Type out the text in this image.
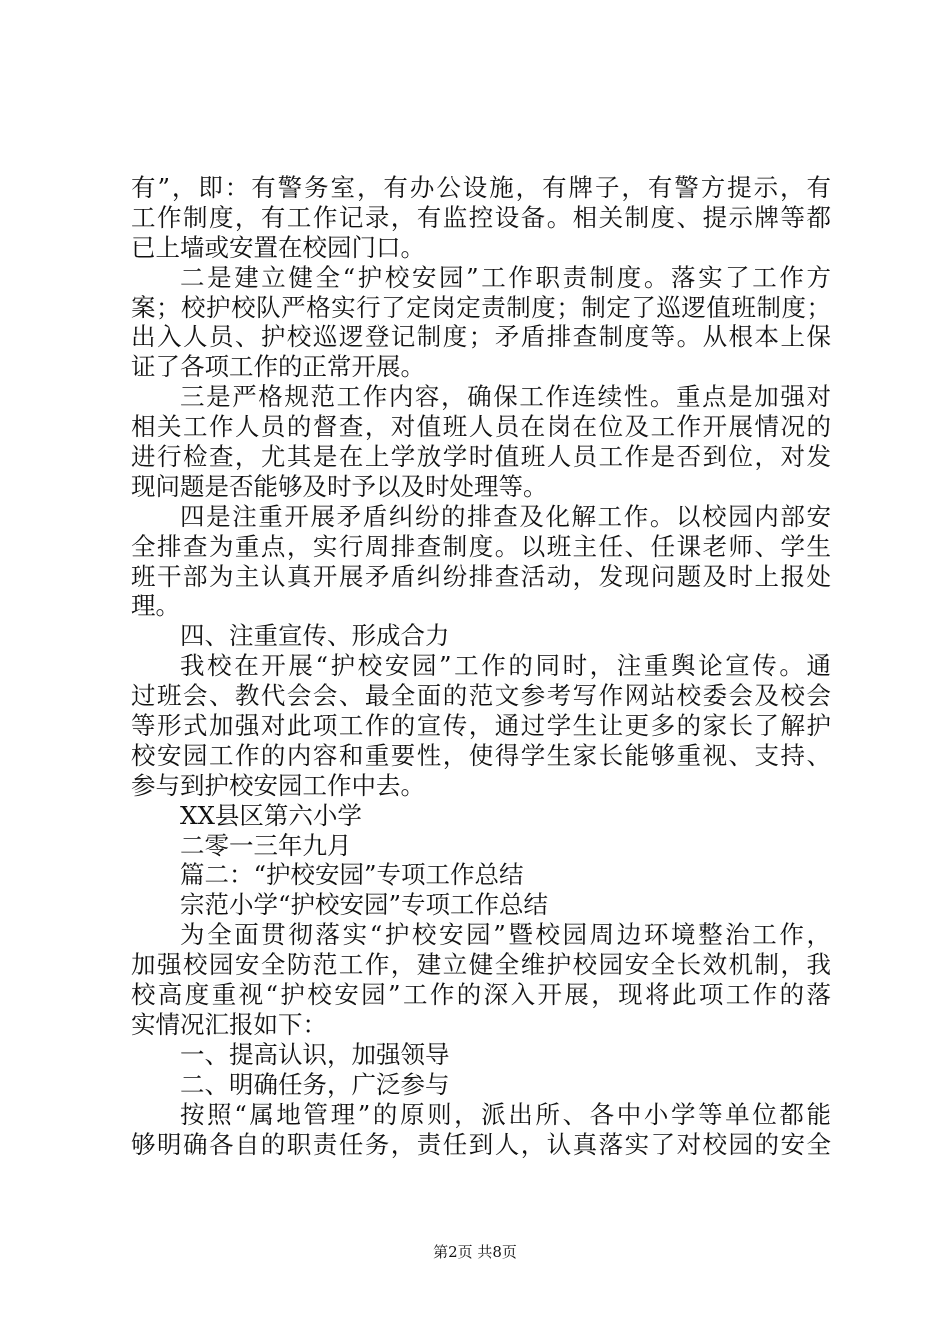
有”，即：有警务室，有办公设施，有牌子，有警方提示，有
工作制度，有工作记录，有监控设备。相关制度、提示牌等都
已上墙或安置在校园门口。
二是建立健全“护校安园”工作职责制度。落实了工作方
案；校护校队严格实行了定岗定责制度；制定了巡逻值班制度；
出入人员、护校巡逻登记制度；矛盾排查制度等。从根本上保
证了各项工作的正常开展。
三是严格规范工作内容，确保工作连续性。重点是加强对
相关工作人员的督查，对值班人员在岗在位及工作开展情况的
进行检查，尤其是在上学放学时值班人员工作是否到位，对发
现问题是否能够及时予以及时处理等。
四是注重开展矛盾纠纷的排查及化解工作。以校园内部安
全排查为重点，实行周排查制度。以班主任、任课老师、学生
班干部为主认真开展矛盾纠纷排查活动，发现问题及时上报处
理。
四、注重宣传、形成合力
我校在开展“护校安园”工作的同时，注重舆论宣传。通
过班会、教代会会、最全面的范文参考写作网站校委会及校会
等形式加强对此项工作的宣传，通过学生让更多的家长了解护
校安园工作的内容和重要性，使得学生家长能够重视、支持、
参与到护校安园工作中去。
XX县区第六小学
二零一三年九月
篇二：“护校安园”专项工作总结
宗范小学“护校安园”专项工作总结
为全面贯彻落实“护校安园”暨校园周边环境整治工作，
加强校园安全防范工作，建立健全维护校园安全长效机制，我
校高度重视“护校安园”工作的深入开展，现将此项工作的落
实情况汇报如下：
一、提高认识，加强领导
二、明确任务，广泛参与
按照“属地管理”的原则，派出所、各中小学等单位都能
够明确各自的职责任务，责任到人，认真落实了对校园的安全
第2页 共8页
